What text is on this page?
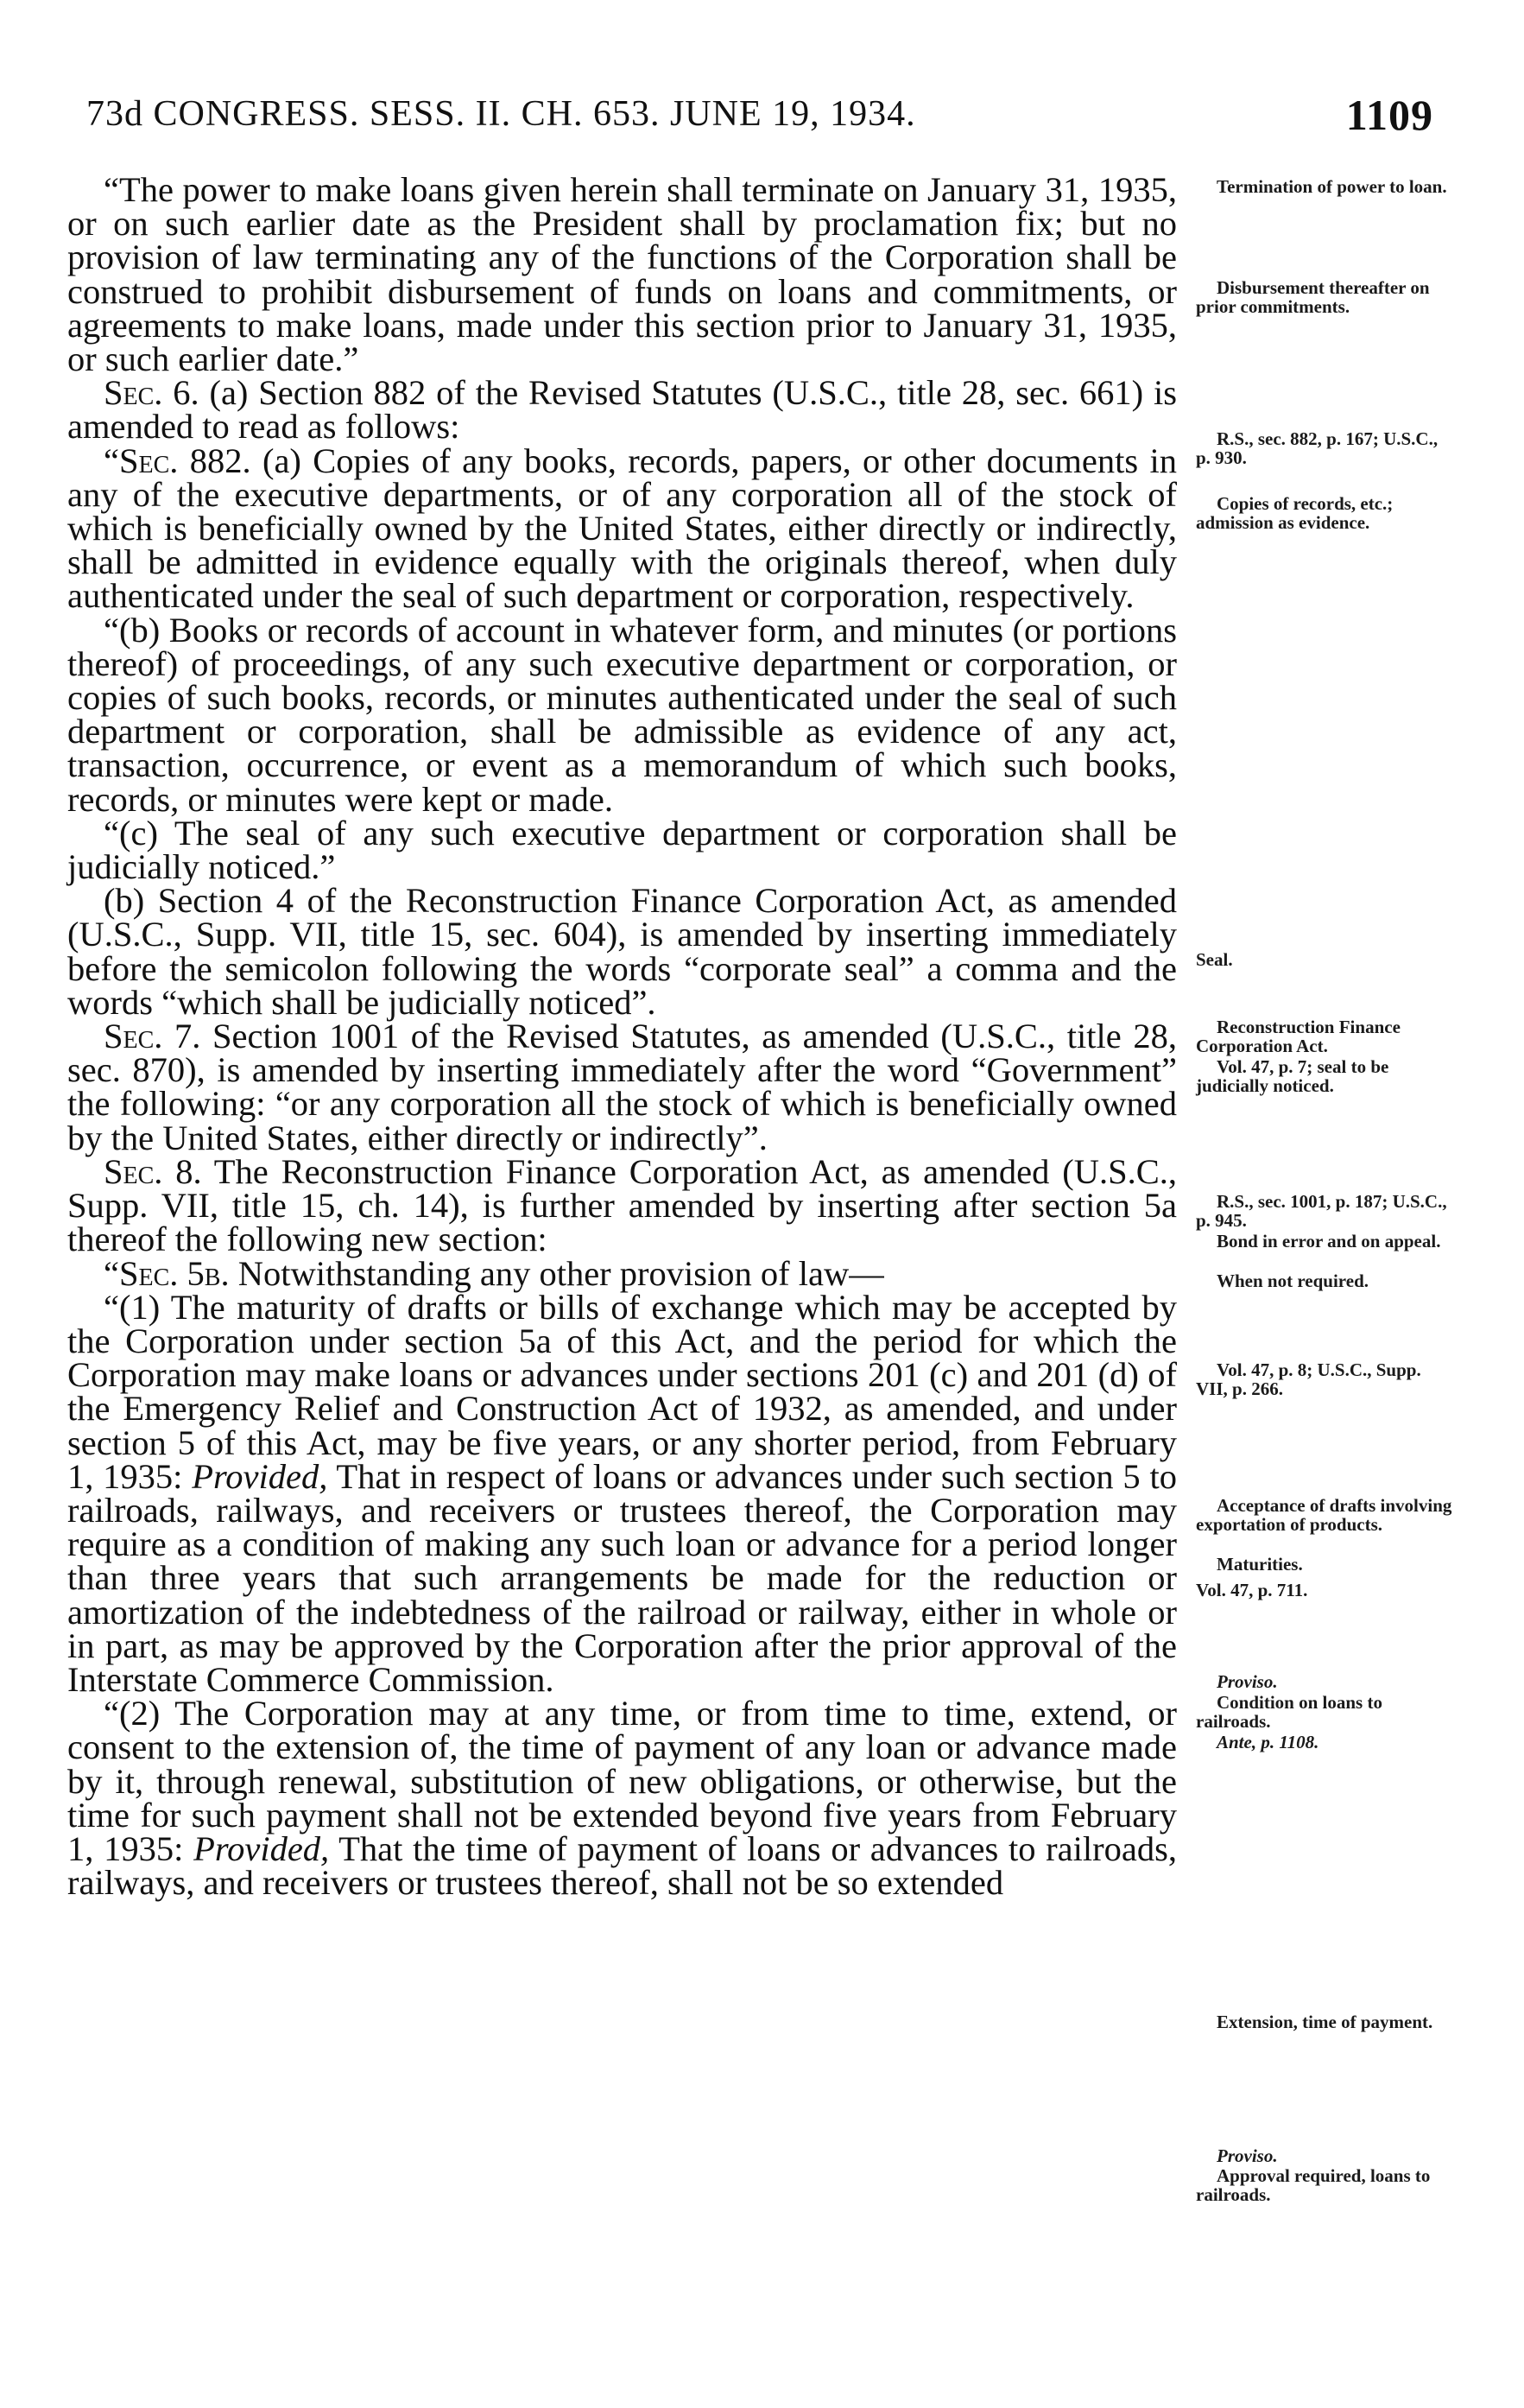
73d CONGRESS. SESS. II. CH. 653. JUNE 19, 1934.	1109

“The power to make loans given herein shall terminate on January 31, 1935, or on such earlier date as the President shall by proclamation fix; but no provision of law terminating any of the functions of the Corporation shall be construed to prohibit disbursement of funds on loans and commitments, or agreements to make loans, made under this section prior to January 31, 1935, or such earlier date.”

Sec. 6. (a) Section 882 of the Revised Statutes (U.S.C., title 28, sec. 661) is amended to read as follows:

“Sec. 882. (a) Copies of any books, records, papers, or other documents in any of the executive departments, or of any corporation all of the stock of which is beneficially owned by the United States, either directly or indirectly, shall be admitted in evidence equally with the originals thereof, when duly authenticated under the seal of such department or corporation, respectively.

“(b) Books or records of account in whatever form, and minutes (or portions thereof) of proceedings, of any such executive department or corporation, or copies of such books, records, or minutes authenticated under the seal of such department or corporation, shall be admissible as evidence of any act, transaction, occurrence, or event as a memorandum of which such books, records, or minutes were kept or made.

“(c) The seal of any such executive department or corporation shall be judicially noticed.”

(b) Section 4 of the Reconstruction Finance Corporation Act, as amended (U.S.C., Supp. VII, title 15, sec. 604), is amended by inserting immediately before the semicolon following the words “corporate seal” a comma and the words “which shall be judicially noticed”.

Sec. 7. Section 1001 of the Revised Statutes, as amended (U.S.C., title 28, sec. 870), is amended by inserting immediately after the word “Government” the following: “or any corporation all the stock of which is beneficially owned by the United States, either directly or indirectly”.

Sec. 8. The Reconstruction Finance Corporation Act, as amended (U.S.C., Supp. VII, title 15, ch. 14), is further amended by inserting after section 5a thereof the following new section:

“Sec. 5b. Notwithstanding any other provision of law—

“(1) The maturity of drafts or bills of exchange which may be accepted by the Corporation under section 5a of this Act, and the period for which the Corporation may make loans or advances under sections 201 (c) and 201 (d) of the Emergency Relief and Construction Act of 1932, as amended, and under section 5 of this Act, may be five years, or any shorter period, from February 1, 1935: Provided, That in respect of loans or advances under such section 5 to railroads, railways, and receivers or trustees thereof, the Corporation may require as a condition of making any such loan or advance for a period longer than three years that such arrangements be made for the reduction or amortization of the indebtedness of the railroad or railway, either in whole or in part, as may be approved by the Corporation after the prior approval of the Interstate Commerce Commission.

“(2) The Corporation may at any time, or from time to time, extend, or consent to the extension of, the time of payment of any loan or advance made by it, through renewal, substitution of new obligations, or otherwise, but the time for such payment shall not be extended beyond five years from February 1, 1935: Provided, That the time of payment of loans or advances to railroads, railways, and receivers or trustees thereof, shall not be so extended

Termination of power to loan.
Disbursement thereafter on prior commitments.
R.S., sec. 882, p. 167; U.S.C., p. 930.
Copies of records, etc.; admission as evidence.
Seal.
Reconstruction Finance Corporation Act.
Vol. 47, p. 7; seal to be judicially noticed.
R.S., sec. 1001, p. 187; U.S.C., p. 945.
Bond in error and on appeal.
When not required.
Vol. 47, p. 8; U.S.C., Supp. VII, p. 266.
Acceptance of drafts involving exportation of products.
Maturities.
Vol. 47, p. 711.
Proviso.
Condition on loans to railroads.
Ante, p. 1108.
Extension, time of payment.
Proviso.
Approval required, loans to railroads.
